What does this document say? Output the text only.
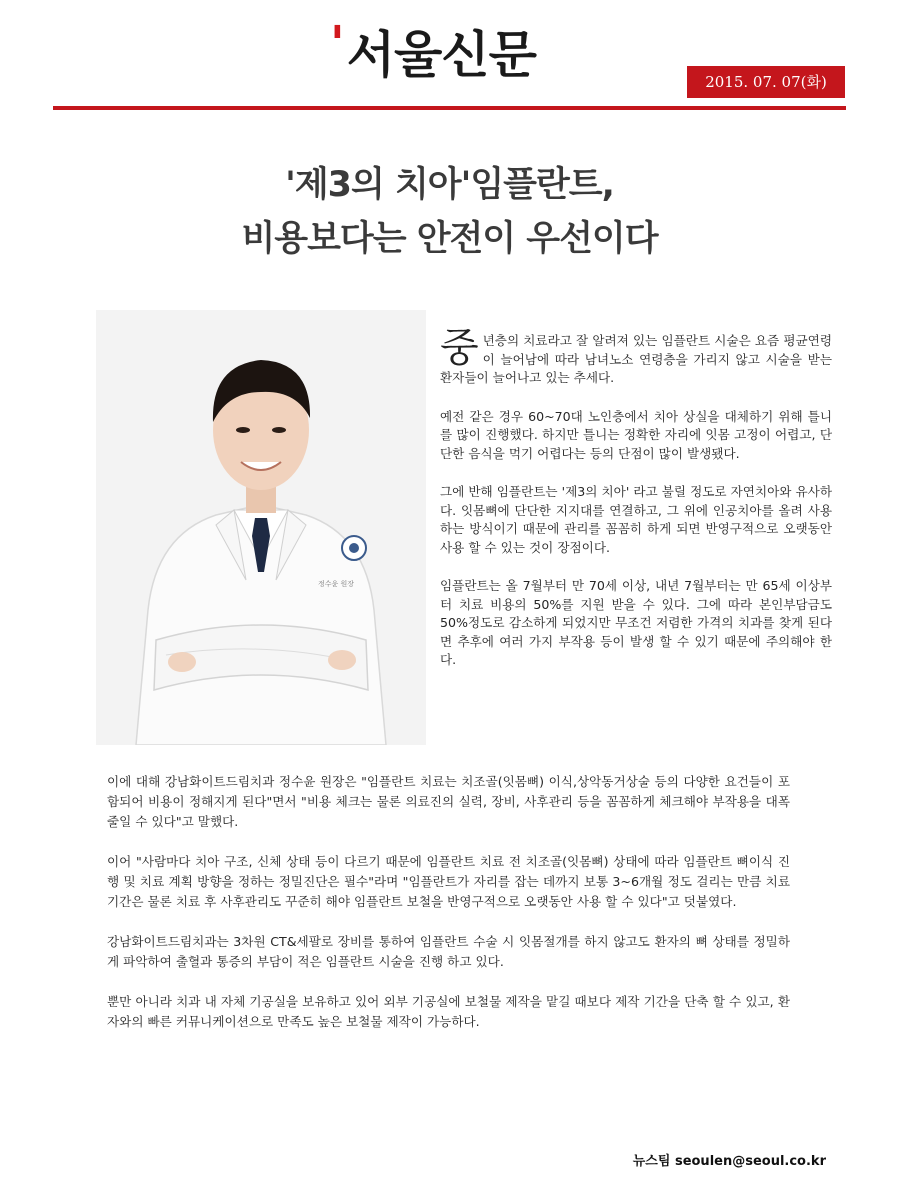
' 서울신문	2015. 07. 07(화)
'제3의 치아'임플란트,
비용보다는 안전이 우선이다
정수윤 원장

중년층의 치료라고 잘 알려져 있는 임플란트 시술은 요즘 평균연령이 늘어남에 따라 남녀노소 연령층을 가리지 않고 시술을 받는 환자들이 늘어나고 있는 추세다.

예전 같은 경우 60~70대 노인층에서 치아 상실을 대체하기 위해 틀니를 많이 진행했다. 하지만 틀니는 정확한 자리에 잇몸 고정이 어렵고, 단단한 음식을 먹기 어렵다는 등의 단점이 많이 발생됐다.

그에 반해 임플란트는 '제3의 치아' 라고 불릴 정도로 자연치아와 유사하다. 잇몸뼈에 단단한 지지대를 연결하고, 그 위에 인공치아를 올려 사용하는 방식이기 때문에 관리를 꼼꼼히 하게 되면 반영구적으로 오랫동안 사용 할 수 있는 것이 장점이다.

임플란트는 올 7월부터 만 70세 이상, 내년 7월부터는 만 65세 이상부터 치료 비용의 50%를 지원 받을 수 있다. 그에 따라 본인부담금도 50%정도로 감소하게 되었지만 무조건 저렴한 가격의 치과를 찾게 된다면 추후에 여러 가지 부작용 등이 발생 할 수 있기 때문에 주의해야 한다.

이에 대해 강남화이트드림치과 정수윤 원장은 "임플란트 치료는 치조골(잇몸뼈) 이식,상악동거상술 등의 다양한 요건들이 포함되어 비용이 정해지게 된다"면서 "비용 체크는 물론 의료진의 실력, 장비, 사후관리 등을 꼼꼼하게 체크해야 부작용을 대폭 줄일 수 있다"고 말했다.

이어 "사람마다 치아 구조, 신체 상태 등이 다르기 때문에 임플란트 치료 전 치조골(잇몸뼈) 상태에 따라 임플란트 뼈이식 진행 및 치료 계획 방향을 정하는 정밀진단은 필수"라며 "임플란트가 자리를 잡는 데까지 보통 3~6개월 정도 걸리는 만큼 치료 기간은 물론 치료 후 사후관리도 꾸준히 해야 임플란트 보철을 반영구적으로 오랫동안 사용 할 수 있다"고 덧붙였다.

강남화이트드림치과는 3차원 CT&세팔로 장비를 통하여 임플란트 수술 시 잇몸절개를 하지 않고도 환자의 뼈 상태를 정밀하게 파악하여 출혈과 통증의 부담이 적은 임플란트 시술을 진행 하고 있다.

뿐만 아니라 치과 내 자체 기공실을 보유하고 있어 외부 기공실에 보철물 제작을 맡길 때보다 제작 기간을 단축 할 수 있고, 환자와의 빠른 커뮤니케이션으로 만족도 높은 보철물 제작이 가능하다.

뉴스팀 seoulen@seoul.co.kr
